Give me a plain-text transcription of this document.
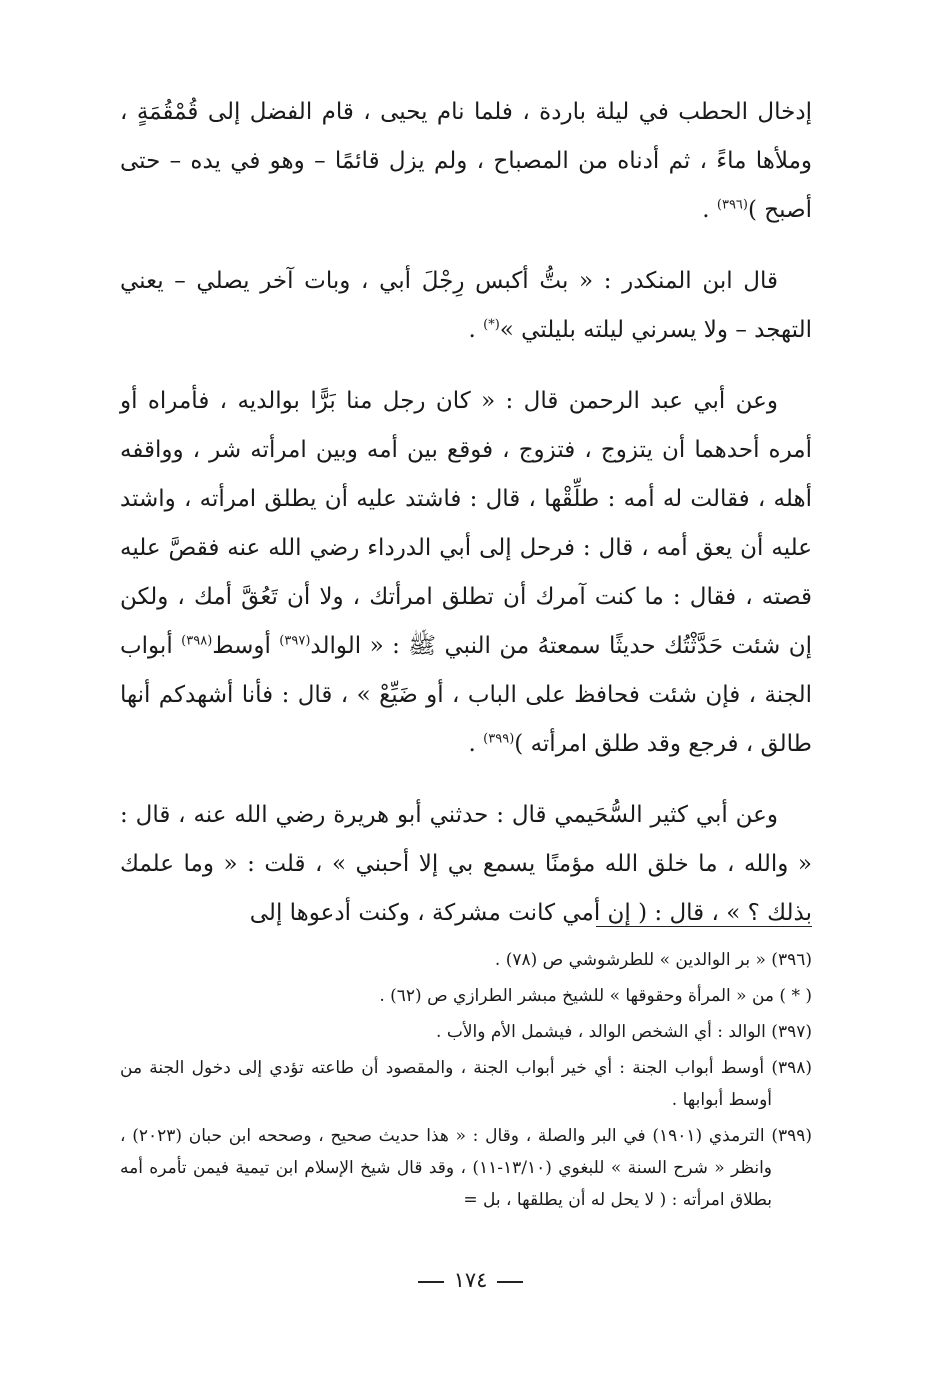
إدخال الحطب في ليلة باردة ، فلما نام يحيى ، قام الفضل إلى قُمْقُمَةٍ ، وملأها ماءً ، ثم أدناه من المصباح ، ولم يزل قائمًا – وهو في يده – حتى أصبح )$^{(٣٩٦)}$ .

قال ابن المنكدر : « بتُّ أكبس رِجْلَ أبي ، وبات آخر يصلي – يعني التهجد – ولا يسرني ليلته بليلتي »(*) .

وعن أبي عبد الرحمن قال : « كان رجل منا بَرًّا بوالديه ، فأمراه أو أمره أحدهما أن يتزوج ، فتزوج ، فوقع بين أمه وبين امرأته شر ، وواقفه أهله ، فقالت له أمه : طلِّقْها ، قال : فاشتد عليه أن يطلق امرأته ، واشتد عليه أن يعق أمه ، قال : فرحل إلى أبي الدرداء رضي الله عنه فقصَّ عليه قصته ، فقال : ما كنت آمرك أن تطلق امرأتك ، ولا أن تَعُقَّ أمك ، ولكن إن شئت حَدَّثْتُك حديثًا سمعتهُ من النبي ﷺ : « الوالد$^{(٣٩٧)}$ أوسط$^{(٣٩٨)}$ أبواب الجنة ، فإن شئت فحافظ على الباب ، أو ضَيِّعْ » ، قال : فأنا أشهدكم أنها طالق ، فرجع وقد طلق امرأته )$^{(٣٩٩)}$ .

وعن أبي كثير السُّحَيمي قال : حدثني أبو هريرة رضي الله عنه ، قال : « والله ، ما خلق الله مؤمنًا يسمع بي إلا أحبني » ، قلت : « وما علمك بذلك ؟ » ، قال : ( إن أمي كانت مشركة ، وكنت أدعوها إلى

(٣٩٦) « بر الوالدين » للطرشوشي ص (٧٨) .

( * ) من « المرأة وحقوقها » للشيخ مبشر الطرازي ص (٦٢) .

(٣٩٧) الوالد : أي الشخص الوالد ، فيشمل الأم والأب .

(٣٩٨) أوسط أبواب الجنة : أي خير أبواب الجنة ، والمقصود أن طاعته تؤدي إلى دخول الجنة من أوسط أبوابها .

(٣٩٩) الترمذي (١٩٠١) في البر والصلة ، وقال : « هذا حديث صحيح ، وصححه ابن حبان (٢٠٢٣) ، وانظر « شرح السنة » للبغوي (١٣/١٠-١١) ، وقد قال شيخ الإسلام ابن تيمية فيمن تأمره أمه بطلاق امرأته : ( لا يحل له أن يطلقها ، بل =

١٧٤
